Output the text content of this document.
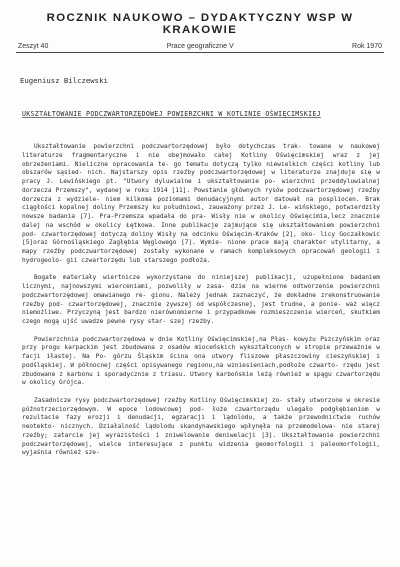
ROCZNIK NAUKOWO – DYDAKTYCZNY WSP W KRAKOWIE
Zeszyt 40	Prace geograficzne V	Rok 1970
Eugeniusz Bilczewski
UKSZTAŁTOWANIE PODCZWARTORZĘDOWEJ POWIERZCHNI W KOTLINIE OŚWIĘCIMSKIEJ

Ukształtowanie powierzchni podczwartorzędowej było dotychczas trak- towane w naukowej literaturze fragmentaryczne i nie obejmowało całej Kotliny Oświęcimskiej wraz z jej obrzeżeniami. Nieliczne opracowania te- go tematu dotyczą tylko niewielkich części kotliny lub obszarów sąsied- nich. Najstarszy opis rzeźby podczwartorzędowej w literaturze znajduje się w pracy J. Lewińskiego pt. "Utwory dyluwialne i ukształtowanie po- wierzchni przeddyluwialnej dorzecza Przemszy", wydanej w roku 1914 [11]. Powstanie głównych rysów podczwartorzędowej rzeźby dorzecza z wydziele- niem kilkoma poziomami denudacyjnymi autor datował na pospliocen. Brak ciągłości kopalnej doliny Przemszy ku południowi, zauważony przez J. Le- wińskiego, potwierdziły nowsze badania [7]. Pra-Przemsza wpadała do pra- Wisły nie w okolicy Oświęcimia,lecz znacznie dalej na wschód w okolicy Łętkowa. Inne publikacje zajmujące się ukształtowaniem powierzchni pod- czwartorzędowej dotyczą doliny Wisły na odcinku Oświęcim-Kraków [2], oko- licy Goczałkowic [5]oraz Górnośląskiego Zagłębia Węglowego [7]. Wymie- nione prace mają charakter utylitarny, a mapy rzeźby podczwartorzędowej zostały wykonane w ramach kompleksowych opracowań geologii i hydrogeolo- gii czwartorzędu lub starszego podłoża.

Bogate materiały wiertnicze wykorzystane do niniejszej publikacji, uzupełnione badaniem licznymi, najnowszymi wierceniami, pozwoliły w zasa- dzie na wierne odtworzenie powierzchni podczwartorzędowej omawianego re- gionu. Należy jednak zaznaczyć, że dokładne zrekonstruowanie rzeźby pod- czwartorzędowej, znacznie zywszej od współczesnej, jest trudne, a ponie- waż więcz niemożliwe. Przyczyną jest bardzo nierównomierne i przypadkowe rozmieszczenie wierceń, skutkiem czego mogą ujść uwadze pewne rysy star- szej rzeźby.

Powierzchnia podczwartorzędowa w dnie Kotliny Oświęcimskiej,na Płas- kowyżu Pszczyńskim oraz przy progu karpackim jest zbudowana z osadów mioceńskich wykształconych w stropie przeważnie w facji iłastej. Na Po- górzu Śląskim ścina ona utwory fliszowe płaszczowiny cieszyńskiej i podśląskiej. W północnej części opisywanego regionu,na wzniesieniach,podłoże czwarto- rzędu jest zbudowane z karbonu i sporadycznie z triasu. Utwory karbońskie leżą również w spągu czwartorzędu w okolicy Grójca.

Zasadnicze rysy podczwartorzędowej rzeźby Kotliny Oświęcimskiej zo- stały utworzone w okresie późnotrzeciorzędowym. W epoce lodowcowej pod- łoże czwartorzędu ulegało podgłębieniom w rezultacie fazy erozji i denudacji, egzaracji i lądolodu, a także przewodnictwie ruchów neotekto- nicznych. Działalność lądolodu skandynawskiego wpłynęła na przemodelowa- nie starej rzeźby; zatarcie jej wyrazistości i zniwelowanie deniwelacji [3]. Ukształtowanie powierzchni podczwartorzędowej, wielce interesujące z punktu widzenia geomorfologii i paleomorfologii, wyjaśnia również sze-
